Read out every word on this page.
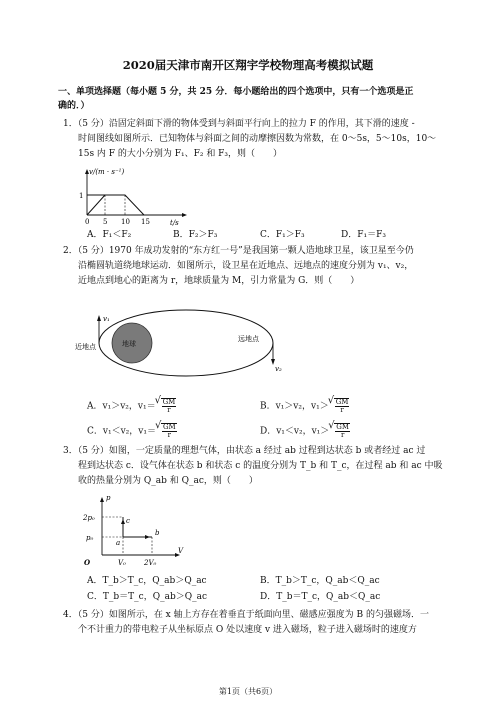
2020届天津市南开区翔宇学校物理高考模拟试题
一、单项选择题（每小题 5 分，共 25 分．每小题给出的四个选项中，只有一个选项是正
确的．）
1．（5 分）沿固定斜面下滑的物体受到与斜面平行向上的拉力 F 的作用，其下滑的速度 -
时间图线如图所示．已知物体与斜面之间的动摩擦因数为常数，在 0～5s，5～10s，10～
15s 内 F 的大小分别为 F₁、F₂ 和 F₃，则（　　）
v/(m · s⁻¹)
1
0 5 10 15	t/s
A．F₁＜F₂	B．F₂＞F₃	C．F₁＞F₃	D．F₁＝F₃
2．（5 分）1970 年成功发射的“东方红一号”是我国第一颗人造地球卫星，该卫星至今仍
沿椭圆轨道绕地球运动．如图所示，设卫星在近地点、远地点的速度分别为 v₁、v₂，
近地点到地心的距离为 r，地球质量为 M，引力常量为 G．则（　　）
地球
v₁
近地点
v₂
远地点
A．v₁＞v₂，v₁＝ √ $\frac{GM}{r}$	B．v₁＞v₂，v₁＞ √ $\frac{GM}{r}$
C．v₁＜v₂，v₁＝ √ $\frac{GM}{r}$	D．v₁＜v₂，v₁＞ √ $\frac{GM}{r}$
3．（5 分）如图，一定质量的理想气体，由状态 a 经过 ab 过程到达状态 b 或者经过 ac 过
程到达状态 c．设气体在状态 b 和状态 c 的温度分别为 T_b 和 T_c，在过程 ab 和 ac 中吸
收的热量分别为 Q_ab 和 Q_ac，则（　　）
p
V
O
2p₀
p₀
V₀	2V₀
a
b
c
A．T_b＞T_c，Q_ab＞Q_ac	B．T_b＞T_c，Q_ab＜Q_ac
C．T_b＝T_c，Q_ab＞Q_ac	D．T_b＝T_c，Q_ab＜Q_ac
4．（5 分）如图所示，在 x 轴上方存在着垂直于纸面向里、磁感应强度为 B 的匀强磁场．一
个不计重力的带电粒子从坐标原点 O 处以速度 v 进入磁场，粒子进入磁场时的速度方
第1页（共6页）
